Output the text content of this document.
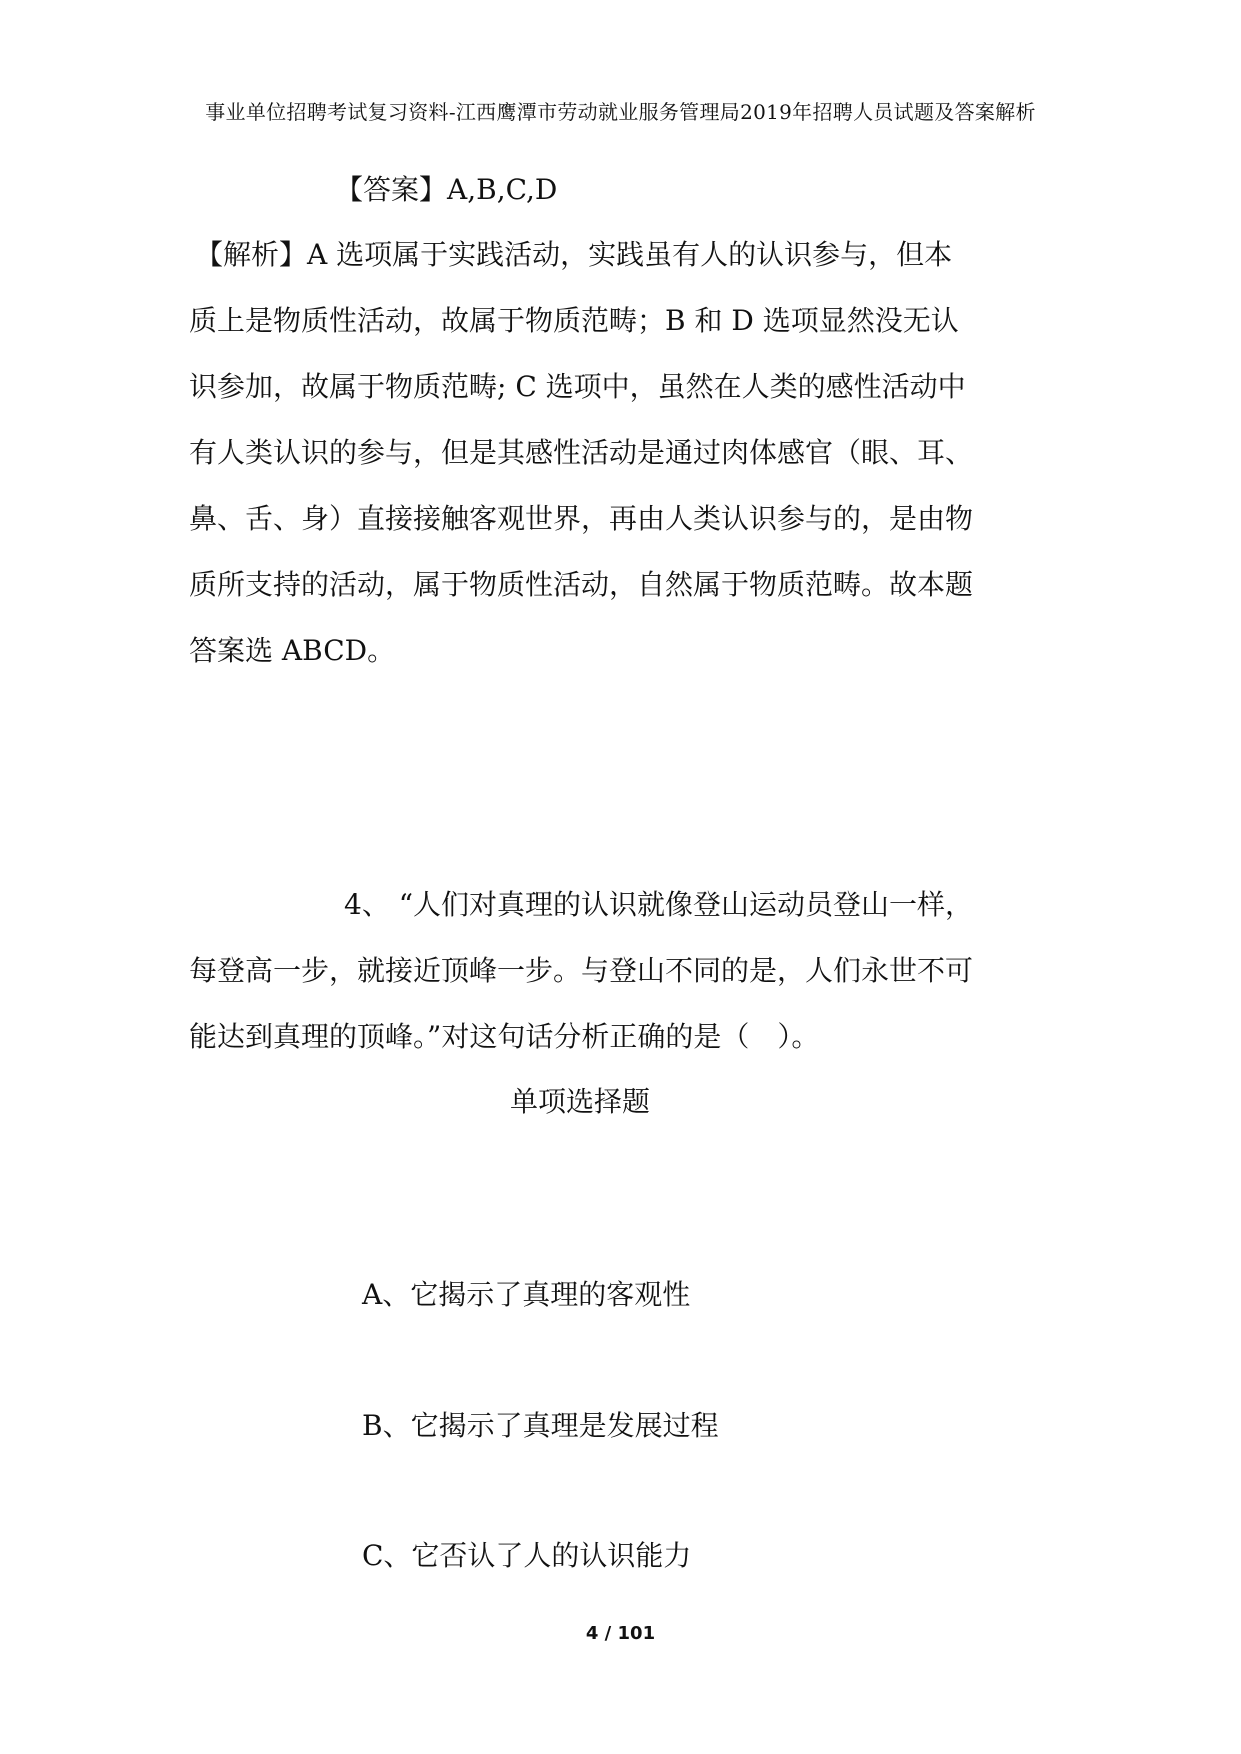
事业单位招聘考试复习资料-江西鹰潭市劳动就业服务管理局2019年招聘人员试题及答案解析
【答案】A,B,C,D
【解析】A 选项属于实践活动，实践虽有人的认识参与，但本
质上是物质性活动，故属于物质范畴；B 和 D 选项显然没无认
识参加，故属于物质范畴; C 选项中，虽然在人类的感性活动中
有人类认识的参与，但是其感性活动是通过肉体感官（眼、耳、
鼻、舌、身）直接接触客观世界，再由人类认识参与的，是由物
质所支持的活动，属于物质性活动，自然属于物质范畴。故本题
答案选 ABCD。
4、 “人们对真理的认识就像登山运动员登山一样，
每登高一步，就接近顶峰一步。与登山不同的是，人们永世不可
能达到真理的顶峰。”对这句话分析正确的是（　）。
单项选择题
A、它揭示了真理的客观性
B、它揭示了真理是发展过程
C、它否认了人的认识能力
4 / 101
